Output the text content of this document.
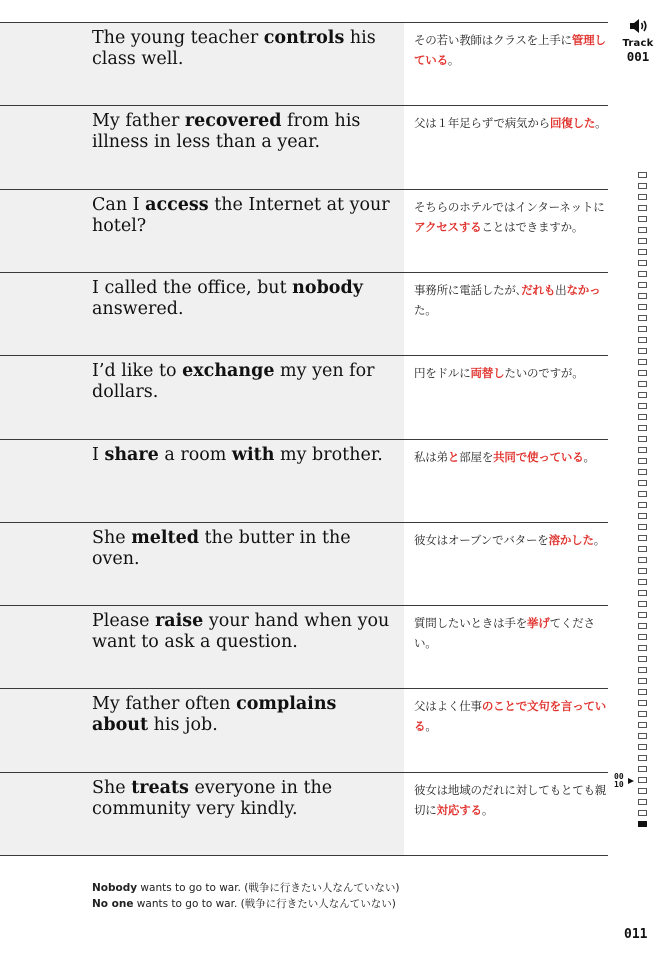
The young teacher controls his class well.
その若い教師はクラスを上手に管理している。
My father recovered from his illness in less than a year.
父は１年足らずで病気から回復した。
Can I access the Internet at your hotel?
そちらのホテルではインターネットにアクセスすることはできますか。
I called the office, but nobody answered.
事務所に電話したが､だれも出なかった。
I’d like to exchange my yen for dollars.
円をドルに両替したいのですが。
I share a room with my brother.	私は弟と部屋を共同で使っている。
She melted the butter in the oven.
彼女はオーブンでバターを溶かした。
Please raise your hand when you want to ask a question.
質問したいときは手を挙げてください。
My father often complains about his job.
父はよく仕事のことで文句を言っている。
She treats everyone in the community very kindly.
彼女は地域のだれに対してもとても親切に対応する。
Nobody wants to go to war. (戦争に行きたい人なんていない)
No one wants to go to war. (戦争に行きたい人なんていない)
Track
001
00
10
011
